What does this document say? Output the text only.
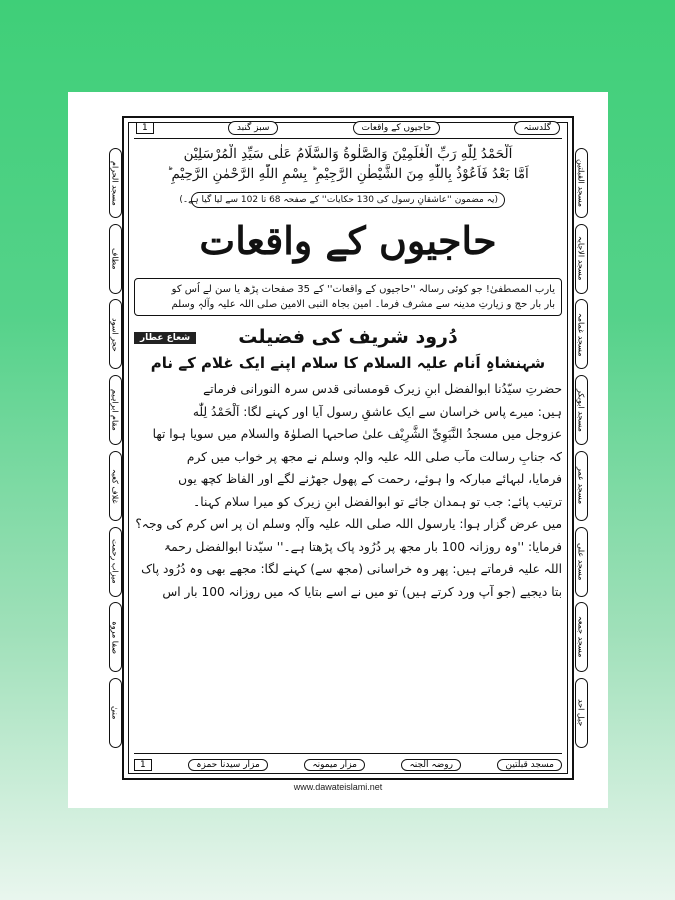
گلدستہ
حاجیوں کے واقعات
سبز گنبد
1
مسجد القبلتین
مسجد الاجابہ
مسجد غمامہ
مسجد ابوبکر
مسجد عمر
مسجد علی
مسجد جمعہ
جبل احد
مسجد الحرام
مطاف
حجر اسود
مقام ابراہیم
غلاف کعبہ
میزاب رحمت
صفا مروہ
منیٰ
اَلْحَمْدُ لِلّٰهِ رَبِّ الْعٰلَمِیْنَ وَالصَّلٰوةُ وَالسَّلَامُ عَلٰی سَیِّدِ الْمُرْسَلِیْن
اَمَّا بَعْدُ فَاَعُوْذُ بِاللّٰهِ مِنَ الشَّیْطٰنِ الرَّجِیْمِ ؕ بِسْمِ اللّٰهِ الرَّحْمٰنِ الرَّحِیْمِ ؕ
(یہ مضمون ''عاشقانِ رسول کی 130 حکایات'' کے صفحہ 68 تا 102 سے لیا گیا ہے۔)
حاجیوں کے واقعات
شعاع عطار
یارب المصطفیٰ! جو کوئی رسالہ ''حاجیوں کے واقعات'' کے 35 صفحات پڑھ یا سن لے اُس کو
بار بار حج و زیارتِ مدینہ سے مشرف فرما۔ امین بجاہ النبی الامین صلی اللہ علیہ وآلہٖ وسلم
دُرود شریف کی فضیلت
شہنشاہِ اَنام علیہ السلام کا سلام اپنے ایک غلام کے نام
حضرتِ سیّدُنا ابوالفضل ابنِ زیرک قومسانی قدس سرہ النورانی فرماتے
ہیں: میرے پاس خراسان سے ایک عاشقِ رسول آیا اور کہنے لگا: اَلْحَمْدُ لِلّٰه
عزوجل میں مسجدُ النَّبَوِیِّ الشَّرِیْف علیٰ صاحبہا الصلوٰۃ والسلام میں سویا ہوا تھا
کہ جنابِ رسالت مآب صلی اللہ علیہ والہٖ وسلم نے مجھ پر خواب میں کرم
فرمایا، لبہائے مبارکہ وا ہوئے، رحمت کے پھول جھڑنے لگے اور الفاظ کچھ یوں
ترتیب پائے: جب تو ہمدان جائے تو ابوالفضل ابنِ زیرک کو میرا سلام کہنا۔
میں عرض گزار ہوا: یارسول اللہ صلی اللہ علیہ وآلہٖ وسلم ان پر اس کرم کی وجہ؟
فرمایا: ''وہ روزانہ 100 بار مجھ پر دُرُود پاک پڑھتا ہے۔'' سیّدنا ابوالفضل رحمۃ
اللہ علیہ فرماتے ہیں: پھر وہ خراسانی (مجھ سے) کہنے لگا: مجھے بھی وہ دُرُود پاک
بتا دیجیے (جو آپ ورد کرتے ہیں) تو میں نے اسے بتایا کہ میں روزانہ 100 بار اس
مسجد قبلتین
روضہ الجنہ
مزار میمونہ
مزار سیدنا حمزہ
1
www.dawateislami.net
